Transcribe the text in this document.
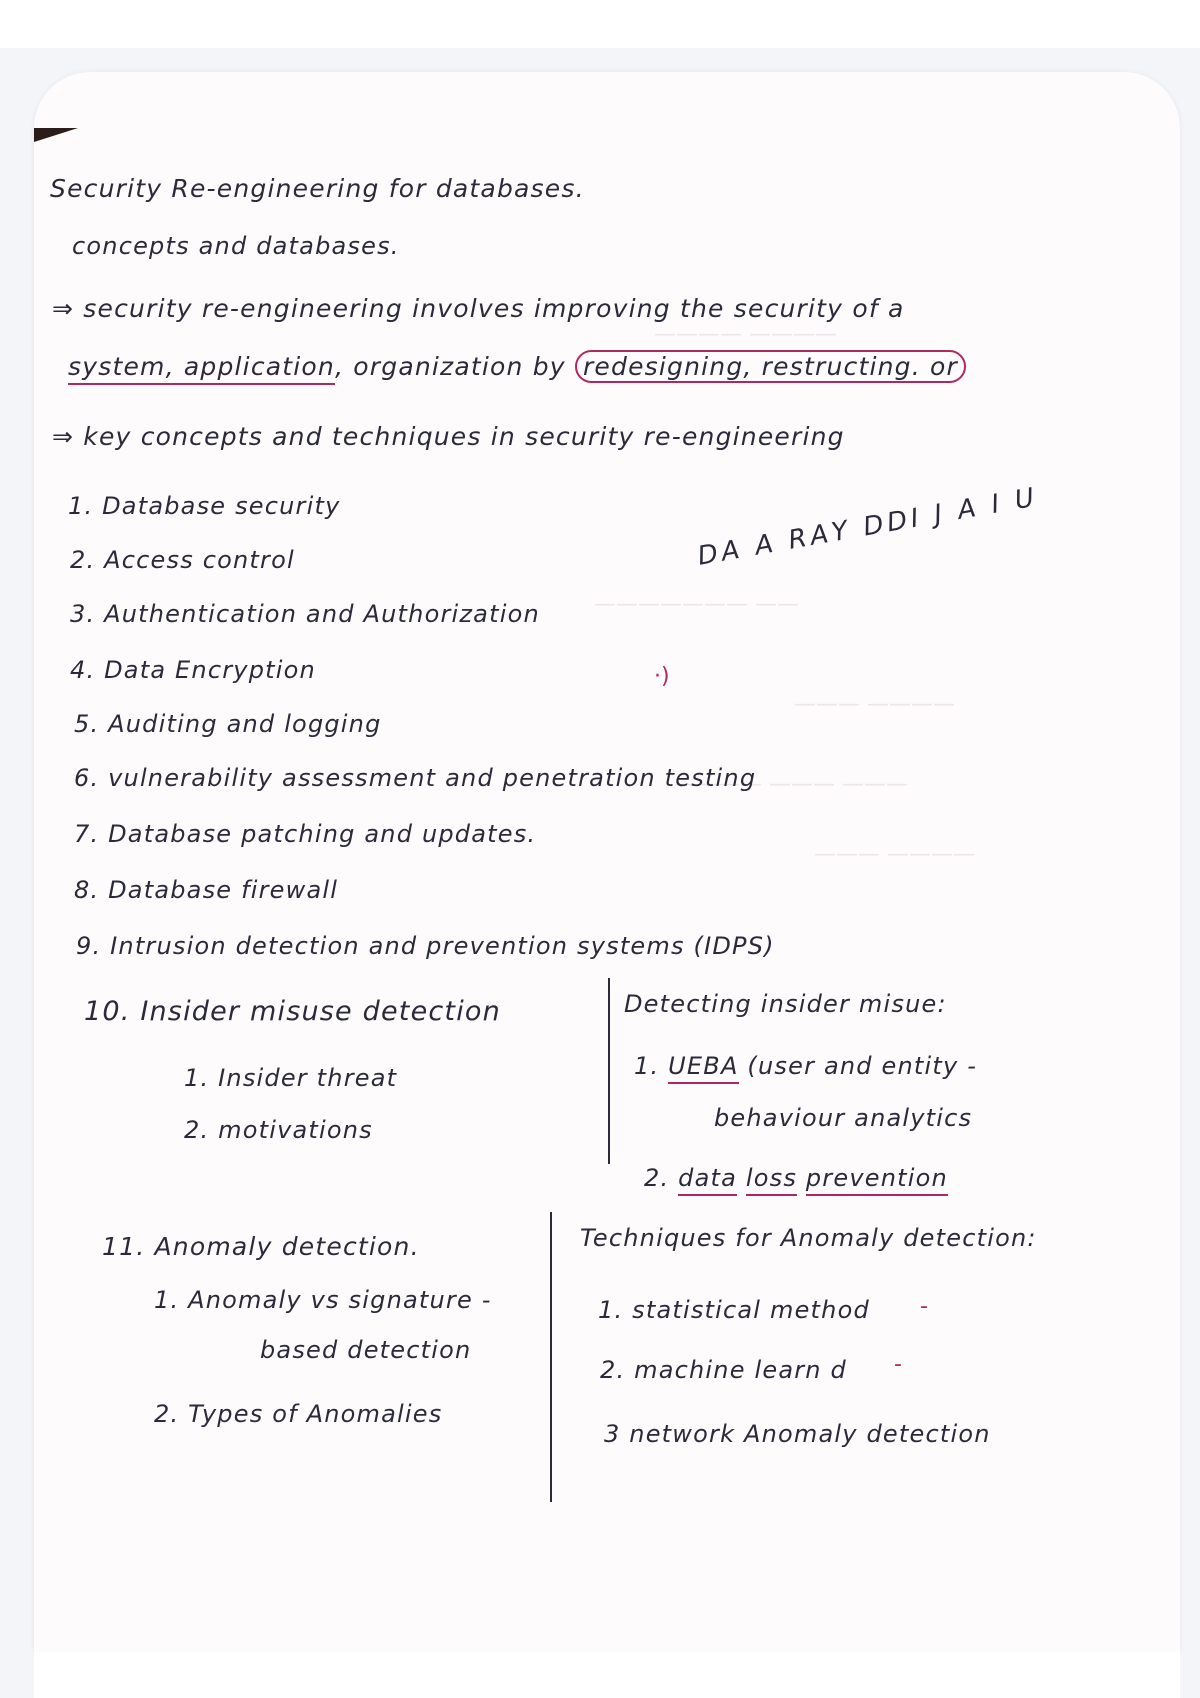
———— ————
——————— ——
——— ————
———— ——— ———
——— ————
Security Re-engineering for databases.
concepts and databases.
⇒ security re-engineering involves improving the security of a
system, application, organization by redesigning, restructing. or
⇒ key concepts and techniques in security re-engineering
1. Database security
2. Access control
3. Authentication and Authorization
4. Data Encryption
5. Auditing and logging
6. vulnerability assessment and penetration testing
7. Database patching and updates.
8. Database firewall
9. Intrusion detection and prevention systems (IDPS)
DA A RAY DDI J A I U
·)
10. Insider misuse detection
1. Insider threat
2. motivations
Detecting insider misue:
1. UEBA (user and entity -
behaviour analytics
2. data loss prevention
11. Anomaly detection.
1. Anomaly vs signature -
based detection
2. Types of Anomalies
Techniques for Anomaly detection:
1. statistical method -
2. machine learn d -
3 network Anomaly detection
